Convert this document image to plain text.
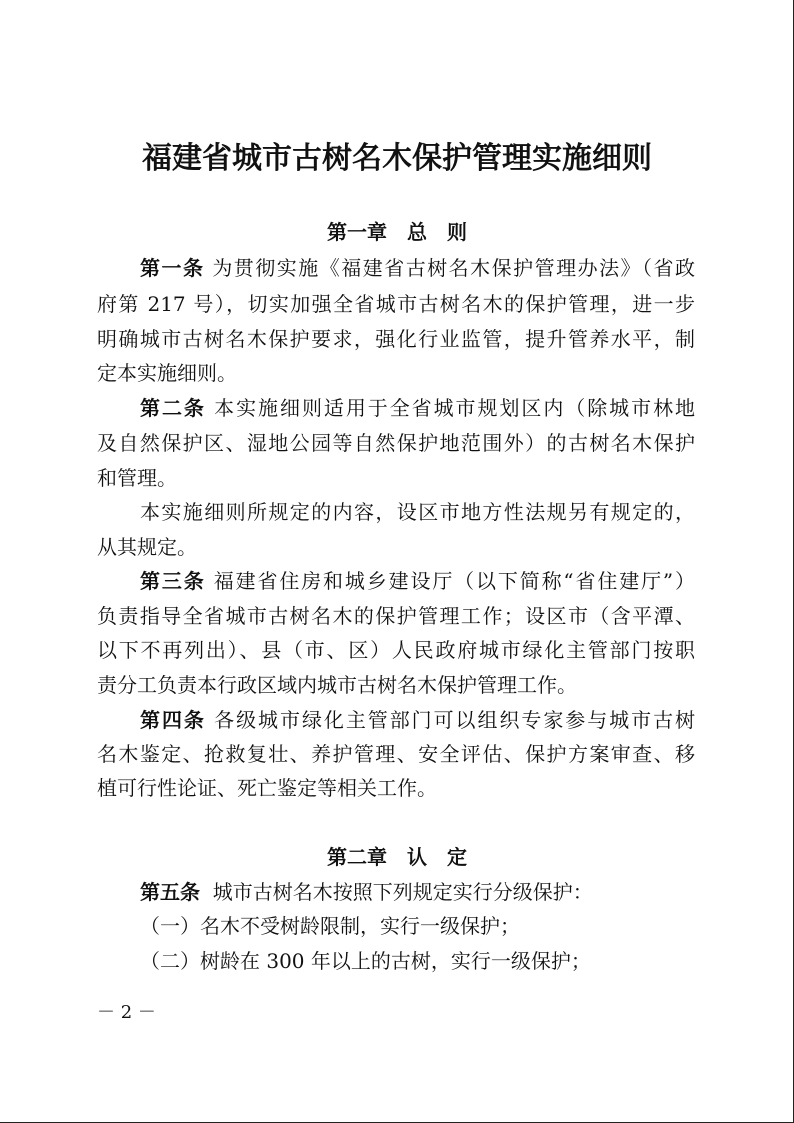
福建省城市古树名木保护管理实施细则
第一章　总　则
第一条 为贯彻实施《福建省古树名木保护管理办法》（省政
府第 217 号），切实加强全省城市古树名木的保护管理，进一步
明确城市古树名木保护要求，强化行业监管，提升管养水平，制
定本实施细则。
第二条 本实施细则适用于全省城市规划区内（除城市林地
及自然保护区、湿地公园等自然保护地范围外）的古树名木保护
和管理。
本实施细则所规定的内容，设区市地方性法规另有规定的，
从其规定。
第三条 福建省住房和城乡建设厅（以下简称“省住建厅”）
负责指导全省城市古树名木的保护管理工作；设区市（含平潭、
以下不再列出）、县（市、区）人民政府城市绿化主管部门按职
责分工负责本行政区域内城市古树名木保护管理工作。
第四条 各级城市绿化主管部门可以组织专家参与城市古树
名木鉴定、抢救复壮、养护管理、安全评估、保护方案审查、移
植可行性论证、死亡鉴定等相关工作。
第二章　认　定
第五条 城市古树名木按照下列规定实行分级保护：
（一）名木不受树龄限制，实行一级保护；
（二）树龄在 300 年以上的古树，实行一级保护；
－ 2 －
